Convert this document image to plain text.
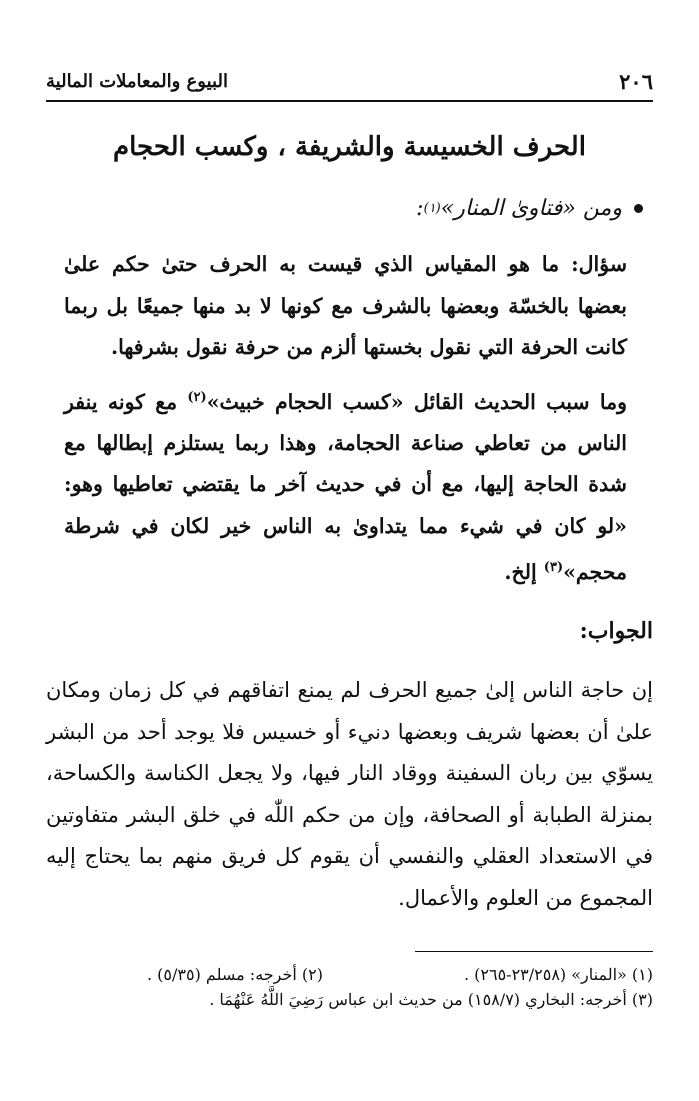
٢٠٦
البيوع والمعاملات المالية
الحرف الخسيسة والشريفة ، وكسب الحجام
ومن «فتاوىٰ المنار»
(١)
:

سؤال: ما هو المقياس الذي قيست به الحرف حتىٰ حكم علىٰ بعضها بالخسّة وبعضها بالشرف مع كونها لا بد منها جميعًا بل ربما كانت الحرفة التي نقول بخستها ألزم من حرفة نقول بشرفها.

وما سبب الحديث القائل «كسب الحجام خبيث»$^{(٢)}$ مع كونه ينفر الناس من تعاطي صناعة الحجامة، وهذا ربما يستلزم إبطالها مع شدة الحاجة إليها، مع أن في حديث آخر ما يقتضي تعاطيها وهو: «لو كان في شيء مما يتداوىٰ به الناس خير لكان في شرطة محجم»$^{(٣)}$ إلخ.

الجواب:

إن حاجة الناس إلىٰ جميع الحرف لم يمنع اتفاقهم في كل زمان ومكان علىٰ أن بعضها شريف وبعضها دنيء أو خسيس فلا يوجد أحد من البشر يسوّي بين ربان السفينة ووقاد النار فيها، ولا يجعل الكناسة والكساحة، بمنزلة الطبابة أو الصحافة، وإن من حكم اللّٰه في خلق البشر متفاوتين في الاستعداد العقلي والنفسي أن يقوم كل فريق منهم بما يحتاج إليه المجموع من العلوم والأعمال.

(١) «المنار» (٢٣/٢٥٨-٢٦٥) .
(٢) أخرجه: مسلم (٥/٣٥) .
(٣) أخرجه: البخاري (١٥٨/٧) من حديث ابن عباس رَضِيَ اللَّهُ عَنْهُمَا .
